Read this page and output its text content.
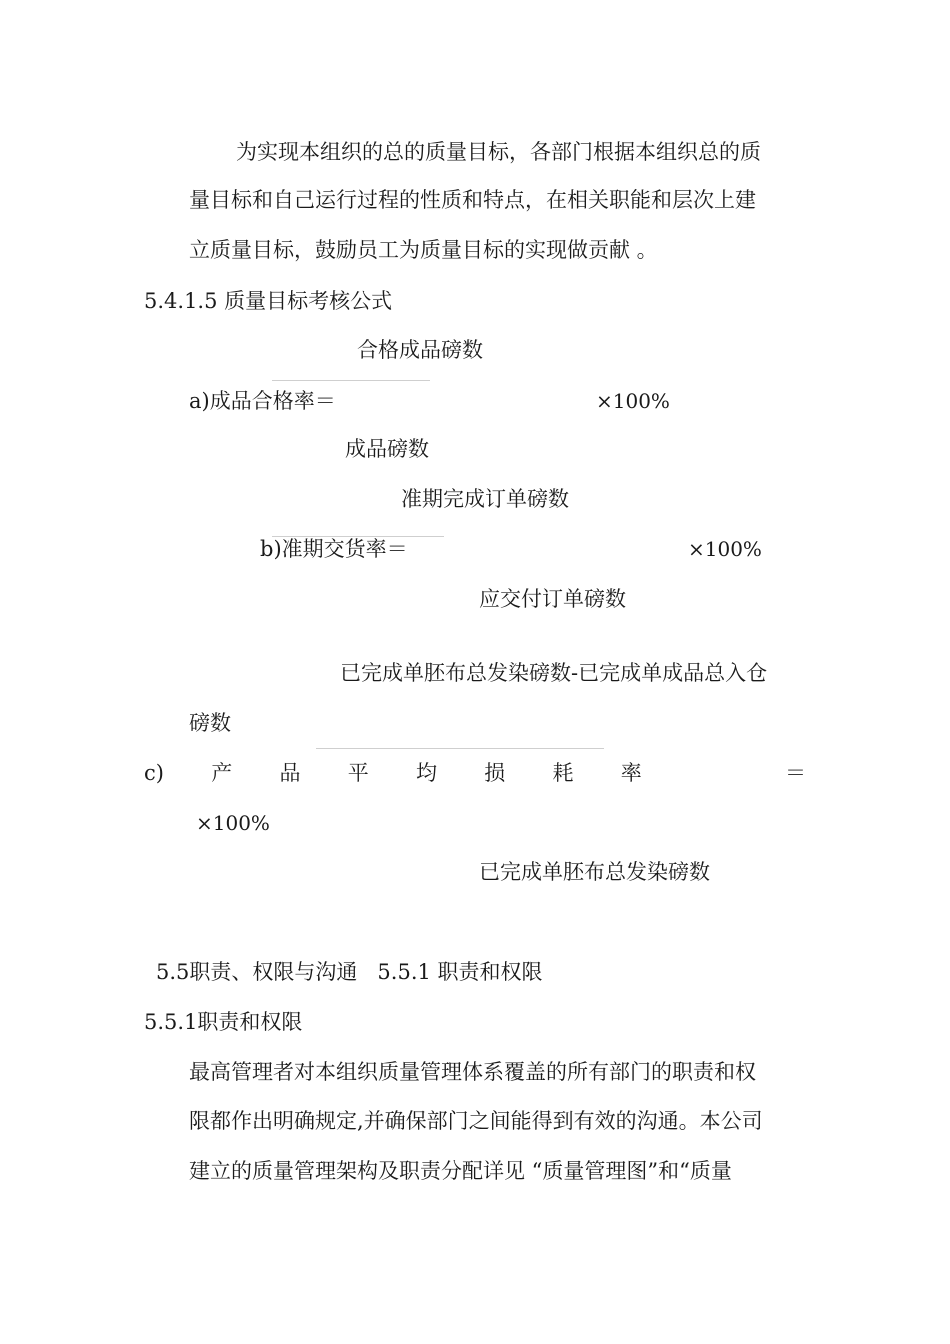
为实现本组织的总的质量目标，各部门根据本组织总的质
量目标和自己运行过程的性质和特点，在相关职能和层次上建
立质量目标，鼓励员工为质量目标的实现做贡献 。
5.4.1.5 质量目标考核公式
合格成品磅数
a)成品合格率＝	×100%
成品磅数
准期完成订单磅数
b)准期交货率＝	×100%
应交付订单磅数
已完成单胚布总发染磅数-已完成单成品总入仓
磅数
c) 产 品 平 均 损 耗 率	＝
×100%
已完成单胚布总发染磅数
5.5职责、权限与沟通   5.5.1 职责和权限
5.5.1职责和权限
最高管理者对本组织质量管理体系覆盖的所有部门的职责和权
限都作出明确规定,并确保部门之间能得到有效的沟通。本公司
建立的质量管理架构及职责分配详见 “质量管理图”和“质量
